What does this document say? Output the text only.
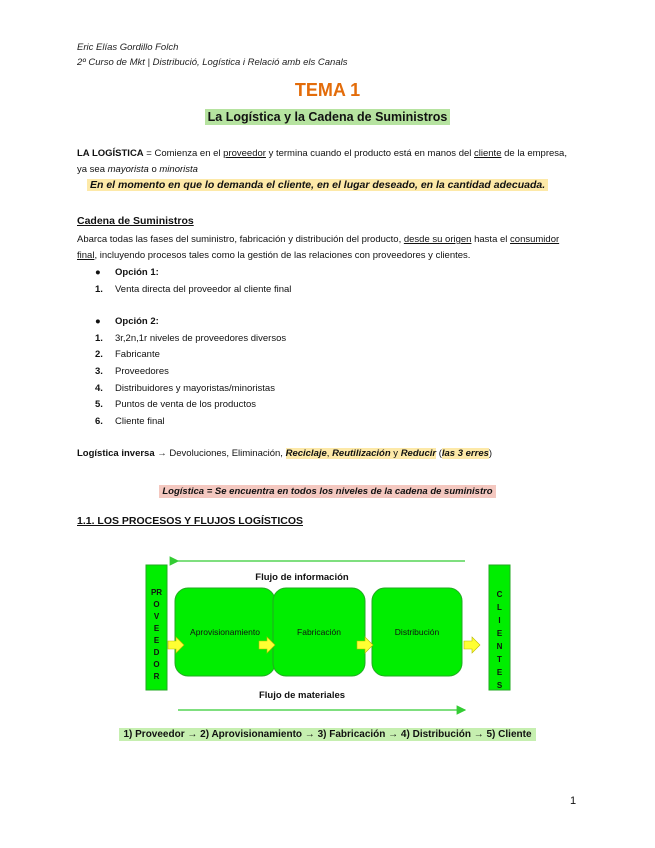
Eric Elías Gordillo Folch
2º Curso de Mkt | Distribució, Logística i Relació amb els Canals
TEMA 1
La Logística y la Cadena de Suministros
LA LOGÍSTICA = Comienza en el proveedor y termina cuando el producto está en manos del cliente de la empresa, ya sea mayorista o minorista
En el momento en que lo demanda el cliente, en el lugar deseado, en la cantidad adecuada.
Cadena de Suministros
Abarca todas las fases del suministro, fabricación y distribución del producto, desde su origen hasta el consumidor final, incluyendo procesos tales como la gestión de las relaciones con proveedores y clientes.
● Opción 1:
1. Venta directa del proveedor al cliente final
● Opción 2:
1. 3r,2n,1r niveles de proveedores diversos
2. Fabricante
3. Proveedores
4. Distribuidores y mayoristas/minoristas
5. Puntos de venta de los productos
6. Cliente final
Logística inversa → Devoluciones, Eliminación, Reciclaje, Reutilización y Reducir (las 3 erres)
Logística = Se encuentra en todos los niveles de la cadena de suministro
1.1. LOS PROCESOS Y FLUJOS LOGÍSTICOS
Flujo de información
PR
O
V
E
E
D
O
R
C
L
I
E
N
T
E
S
Aprovisionamiento	Fabricación	Distribución
Flujo de materiales
1) Proveedor → 2) Aprovisionamiento → 3) Fabricación → 4) Distribución → 5) Cliente
1
